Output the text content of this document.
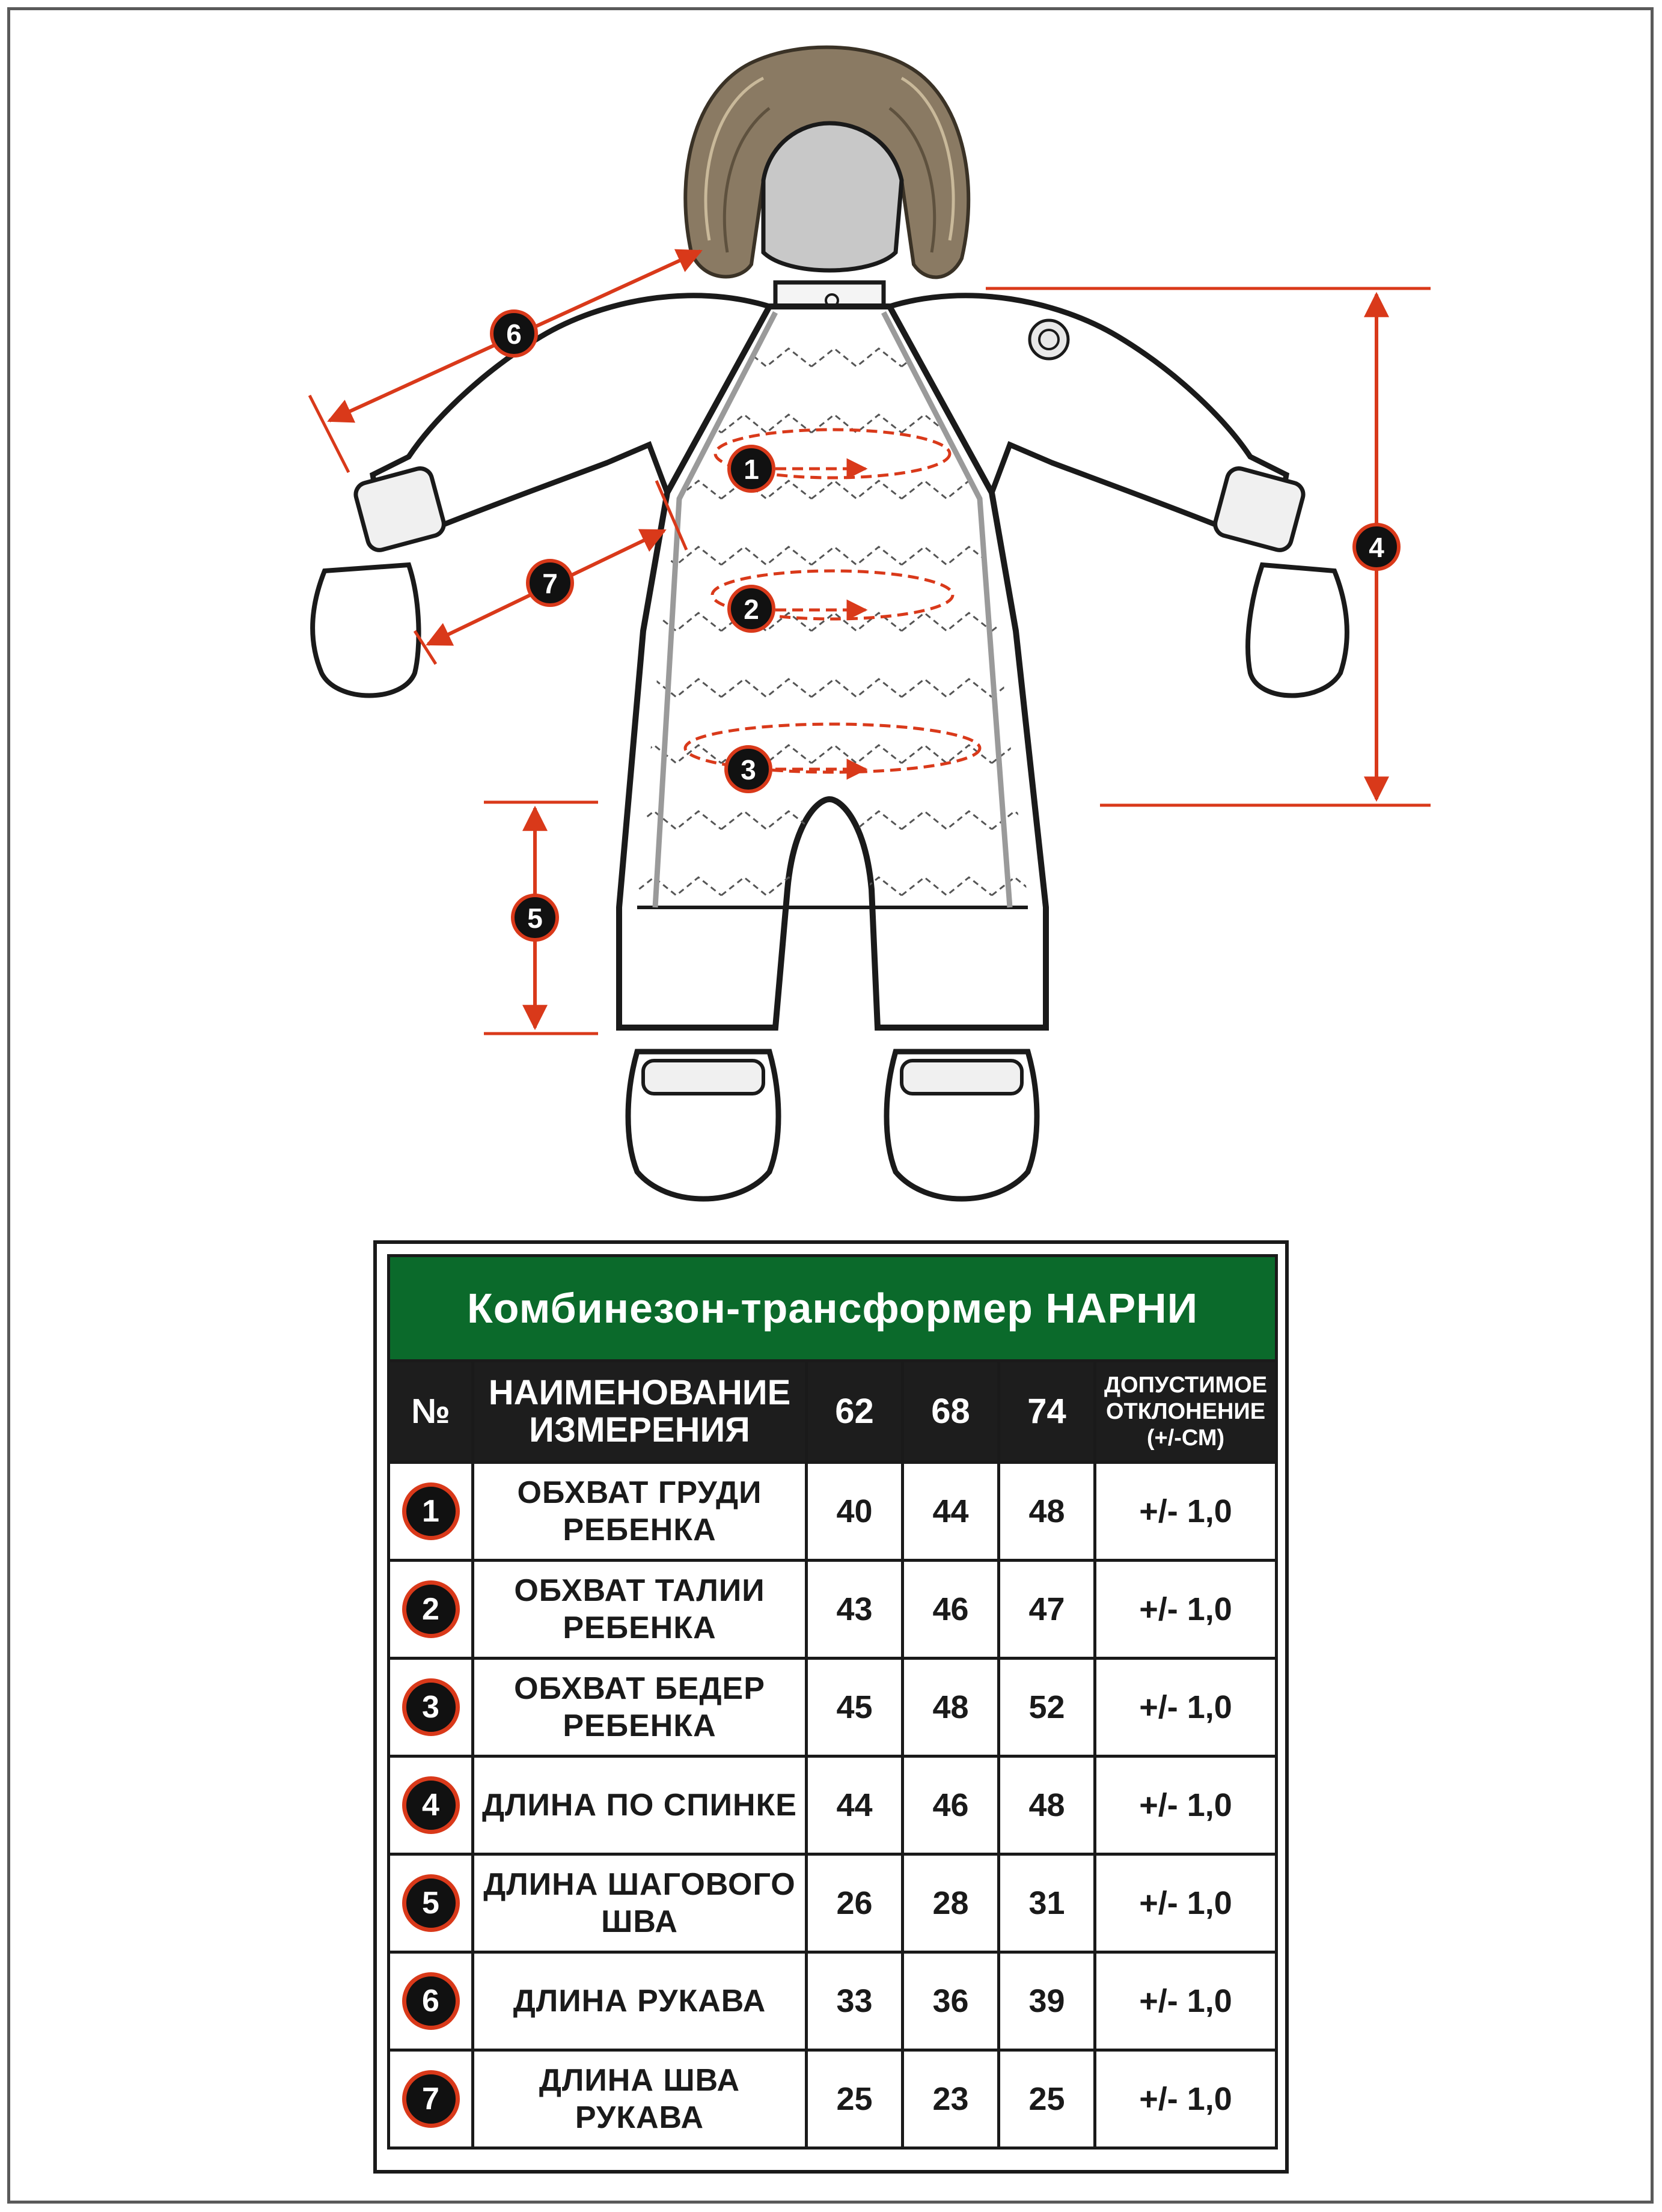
1
2
3
4
5
6
7
Комбинезон-трансформер НАРНИ					
№	НАИМЕНОВАНИЕ ИЗМЕРЕНИЯ	62	68	74	ДОПУСТИМОЕ ОТКЛОНЕНИЕ (+/-СМ)
1	ОБХВАТ ГРУДИ РЕБЕНКА	40	44	48	+/- 1,0
2	ОБХВАТ ТАЛИИ РЕБЕНКА	43	46	47	+/- 1,0
3	ОБХВАТ БЕДЕР РЕБЕНКА	45	48	52	+/- 1,0
4	ДЛИНА ПО СПИНКЕ	44	46	48	+/- 1,0
5	ДЛИНА ШАГОВОГО ШВА	26	28	31	+/- 1,0
6	ДЛИНА РУКАВА	33	36	39	+/- 1,0
7	ДЛИНА ШВА РУКАВА	25	23	25	+/- 1,0
